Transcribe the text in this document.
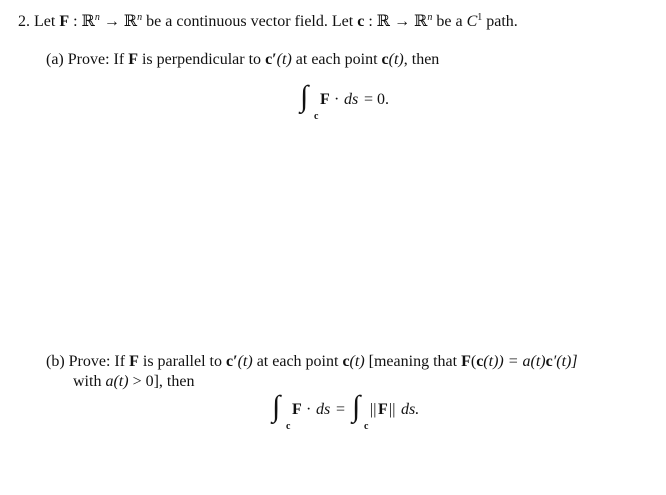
2. Let F : ℝ$^n$ → ℝ$^n$ be a continuous vector field. Let c : ℝ → ℝ$^n$ be a $C^1$ path.
(a) Prove: If F is perpendicular to c′(t) at each point c(t), then
∫
c
F · ds = 0.
(b) Prove: If F is parallel to c′(t) at each point c(t) [meaning that F(c(t)) = a(t)c′(t)]
with a(t) > 0], then
∫
c
F · ds = ∫
c
|| F || ds.
